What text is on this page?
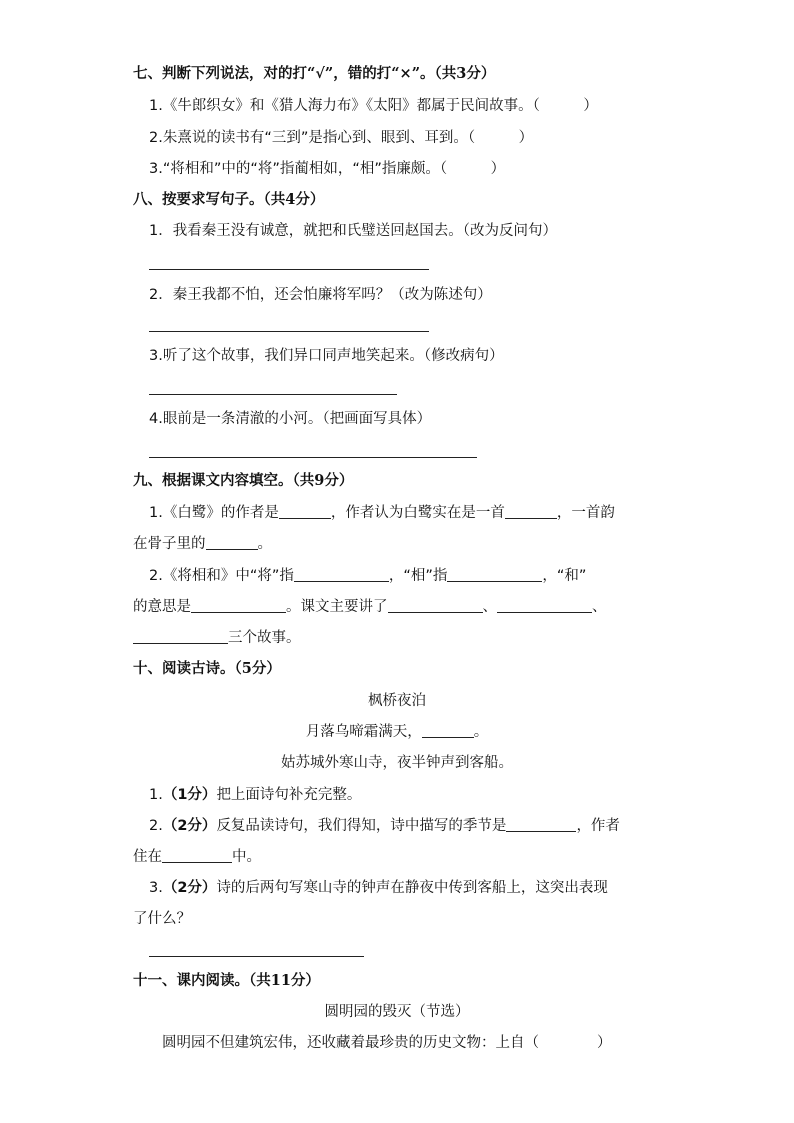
七、判断下列说法，对的打“√”，错的打“×”。（共3分）
1.《牛郎织女》和《猎人海力布》《太阳》都属于民间故事。（　　　）
2.朱熹说的读书有“三到”是指心到、眼到、耳到。（　　　）
3.“将相和”中的“将”指蔺相如，“相”指廉颇。（　　　）
八、按要求写句子。（共4分）
1．我看秦王没有诚意，就把和氏璧送回赵国去。（改为反问句）
2．秦王我都不怕，还会怕廉将军吗？（改为陈述句）
3.听了这个故事，我们异口同声地笑起来。（修改病句）
4.眼前是一条清澈的小河。（把画面写具体）
九、根据课文内容填空。（共9分）
1.《白鹭》的作者是	，作者认为白鹭实在是一首	，一首韵
在骨子里的	。
2.《将相和》中“将”指	，“相”指	，“和”
的意思是	。课文主要讲了	、	、
三个故事。
十、阅读古诗。（5分）
枫桥夜泊
月落乌啼霜满天，	。
姑苏城外寒山寺，夜半钟声到客船。
1.（1分）把上面诗句补充完整。
2.（2分）反复品读诗句，我们得知，诗中描写的季节是	，作者
住在	中。
3.（2分）诗的后两句写寒山寺的钟声在静夜中传到客船上，这突出表现
了什么？
十一、课内阅读。（共11分）
圆明园的毁灭（节选）
圆明园不但建筑宏伟，还收藏着最珍贵的历史文物：上自（　　　　）
